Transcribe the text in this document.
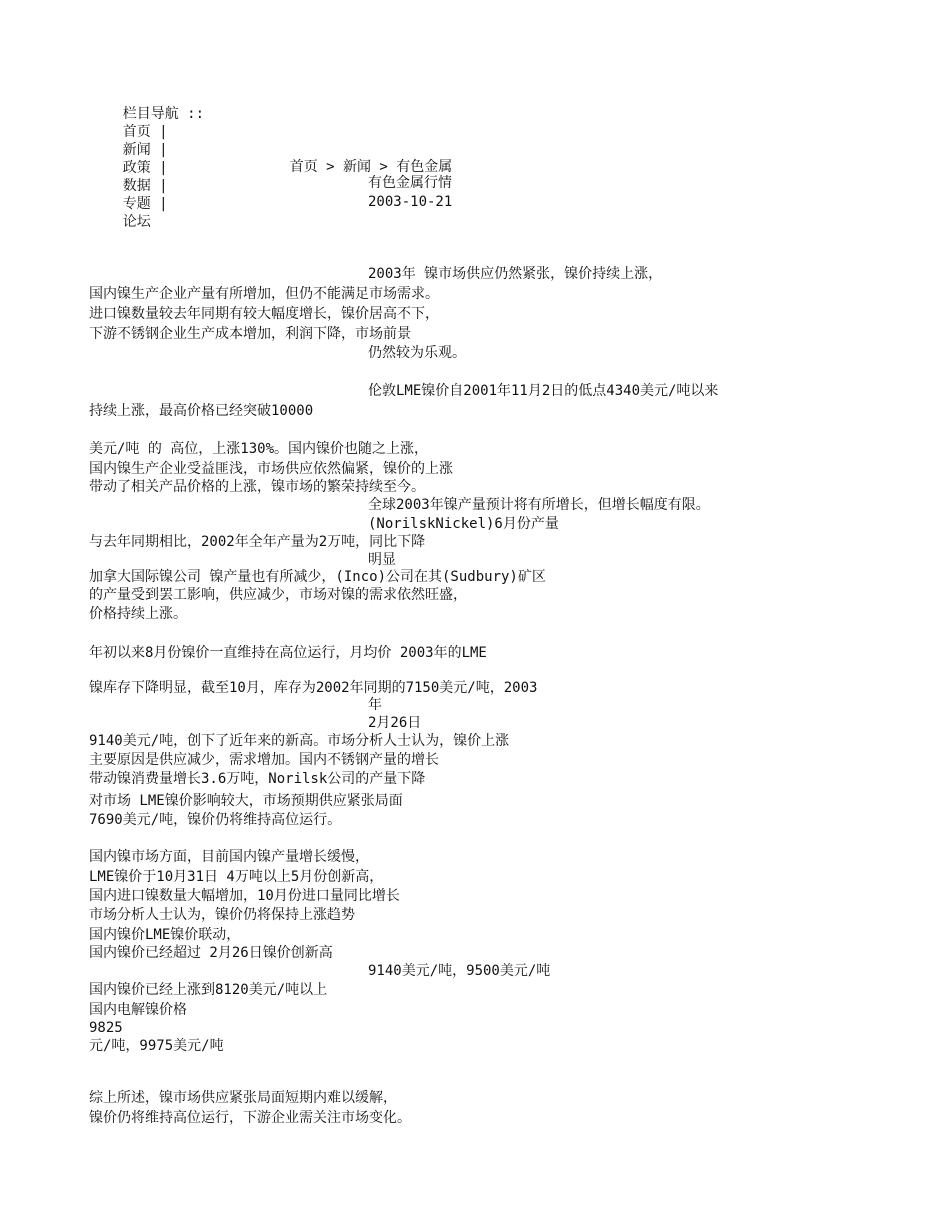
栏目导航 ::
首页 |
新闻 |
政策 |
数据 |
专题 |
论坛

首页 > 新闻 > 有色金属

有色金属行情
2003-10-21
2003年 镍市场供应仍然紧张，镍价持续上涨，
国内镍生产企业产量有所增加，但仍不能满足市场需求。
进口镍数量较去年同期有较大幅度增长，镍价居高不下，
下游不锈钢企业生产成本增加，利润下降，市场前景
仍然较为乐观。
伦敦LME镍价自2001年11月2日的低点4340美元/吨以来
持续上涨，最高价格已经突破10000
美元/吨 的 高位，上涨130%。国内镍价也随之上涨，
国内镍生产企业受益匪浅，市场供应依然偏紧，镍价的上涨
带动了相关产品价格的上涨，镍市场的繁荣持续至今。
全球2003年镍产量预计将有所增长，但增长幅度有限。
(NorilskNickel)6月份产量
与去年同期相比，2002年全年产量为2万吨，同比下降
明显
加拿大国际镍公司 镍产量也有所减少，(Inco)公司在其(Sudbury)矿区
的产量受到罢工影响，供应减少，市场对镍的需求依然旺盛，
价格持续上涨。
年初以来8月份镍价一直维持在高位运行，月均价 2003年的LME
镍库存下降明显，截至10月，库存为2002年同期的7150美元/吨，2003
年
2月26日
9140美元/吨，创下了近年来的新高。市场分析人士认为，镍价上涨
主要原因是供应减少，需求增加。国内不锈钢产量的增长
带动镍消费量增长3.6万吨，Norilsk公司的产量下降
对市场 LME镍价影响较大，市场预期供应紧张局面
7690美元/吨，镍价仍将维持高位运行。
国内镍市场方面，目前国内镍产量增长缓慢，
LME镍价于10月31日 4万吨以上5月份创新高，
国内进口镍数量大幅增加，10月份进口量同比增长
市场分析人士认为，镍价仍将保持上涨趋势
国内镍价LME镍价联动，
国内镍价已经超过 2月26日镍价创新高
9140美元/吨，9500美元/吨
国内镍价已经上涨到8120美元/吨以上
国内电解镍价格
9825
元/吨，9975美元/吨
综上所述，镍市场供应紧张局面短期内难以缓解，
镍价仍将维持高位运行，下游企业需关注市场变化。
